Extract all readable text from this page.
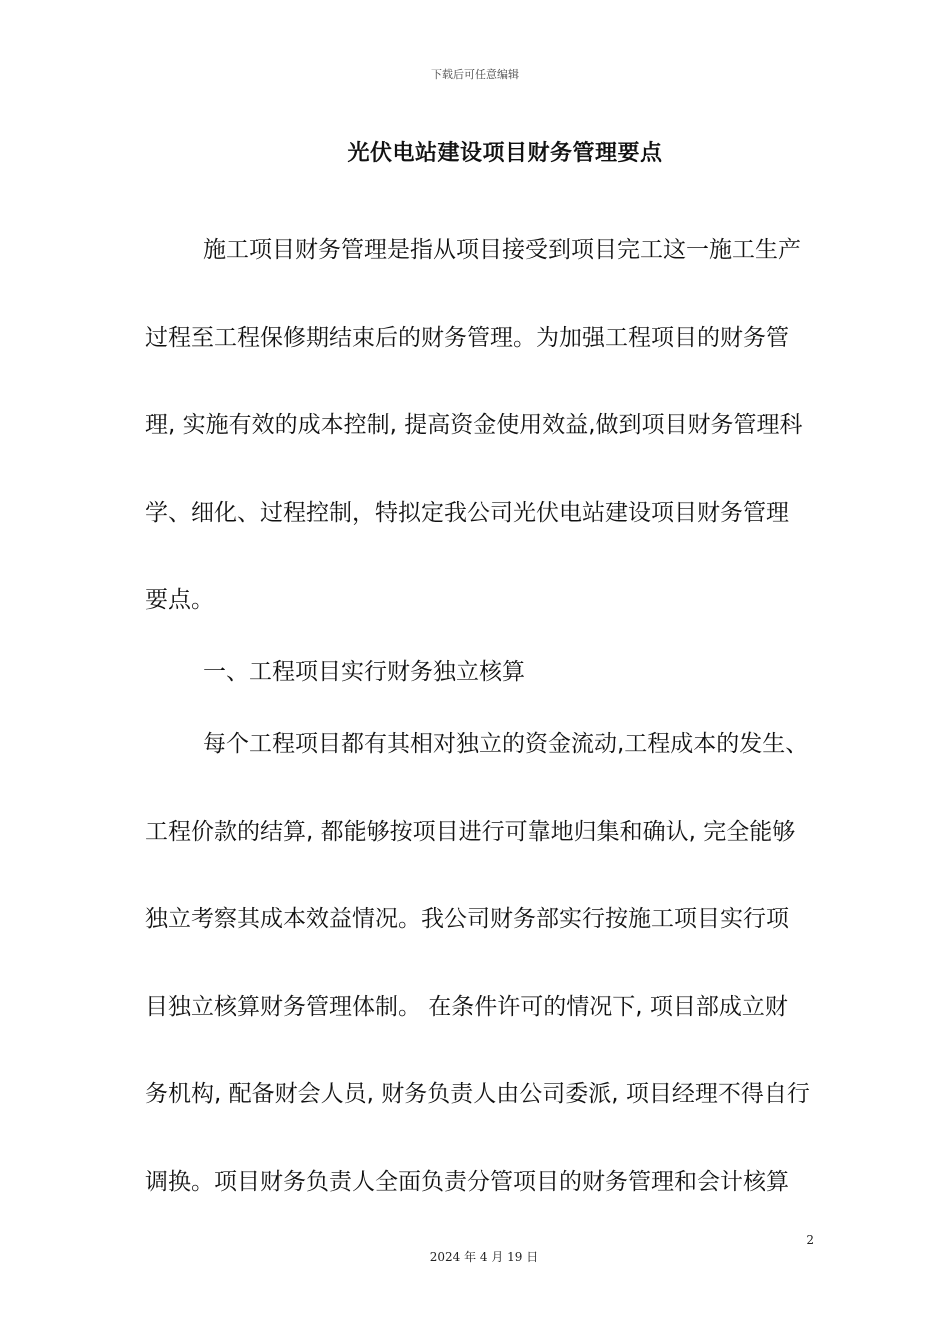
下载后可任意编辑
光伏电站建设项目财务管理要点
施工项目财务管理是指从项目接受到项目完工这一施工生产
过程至工程保修期结束后的财务管理。为加强工程项目的财务管
理, 实施有效的成本控制, 提高资金使用效益,做到项目财务管理科
学、细化、过程控制，特拟定我公司光伏电站建设项目财务管理
要点。
一、工程项目实行财务独立核算
每个工程项目都有其相对独立的资金流动,工程成本的发生、
工程价款的结算, 都能够按项目进行可靠地归集和确认, 完全能够
独立考察其成本效益情况。我公司财务部实行按施工项目实行项
目独立核算财务管理体制。 在条件许可的情况下, 项目部成立财
务机构, 配备财会人员, 财务负责人由公司委派, 项目经理不得自行
调换。项目财务负责人全面负责分管项目的财务管理和会计核算
2
2024 年 4 月 19 日
